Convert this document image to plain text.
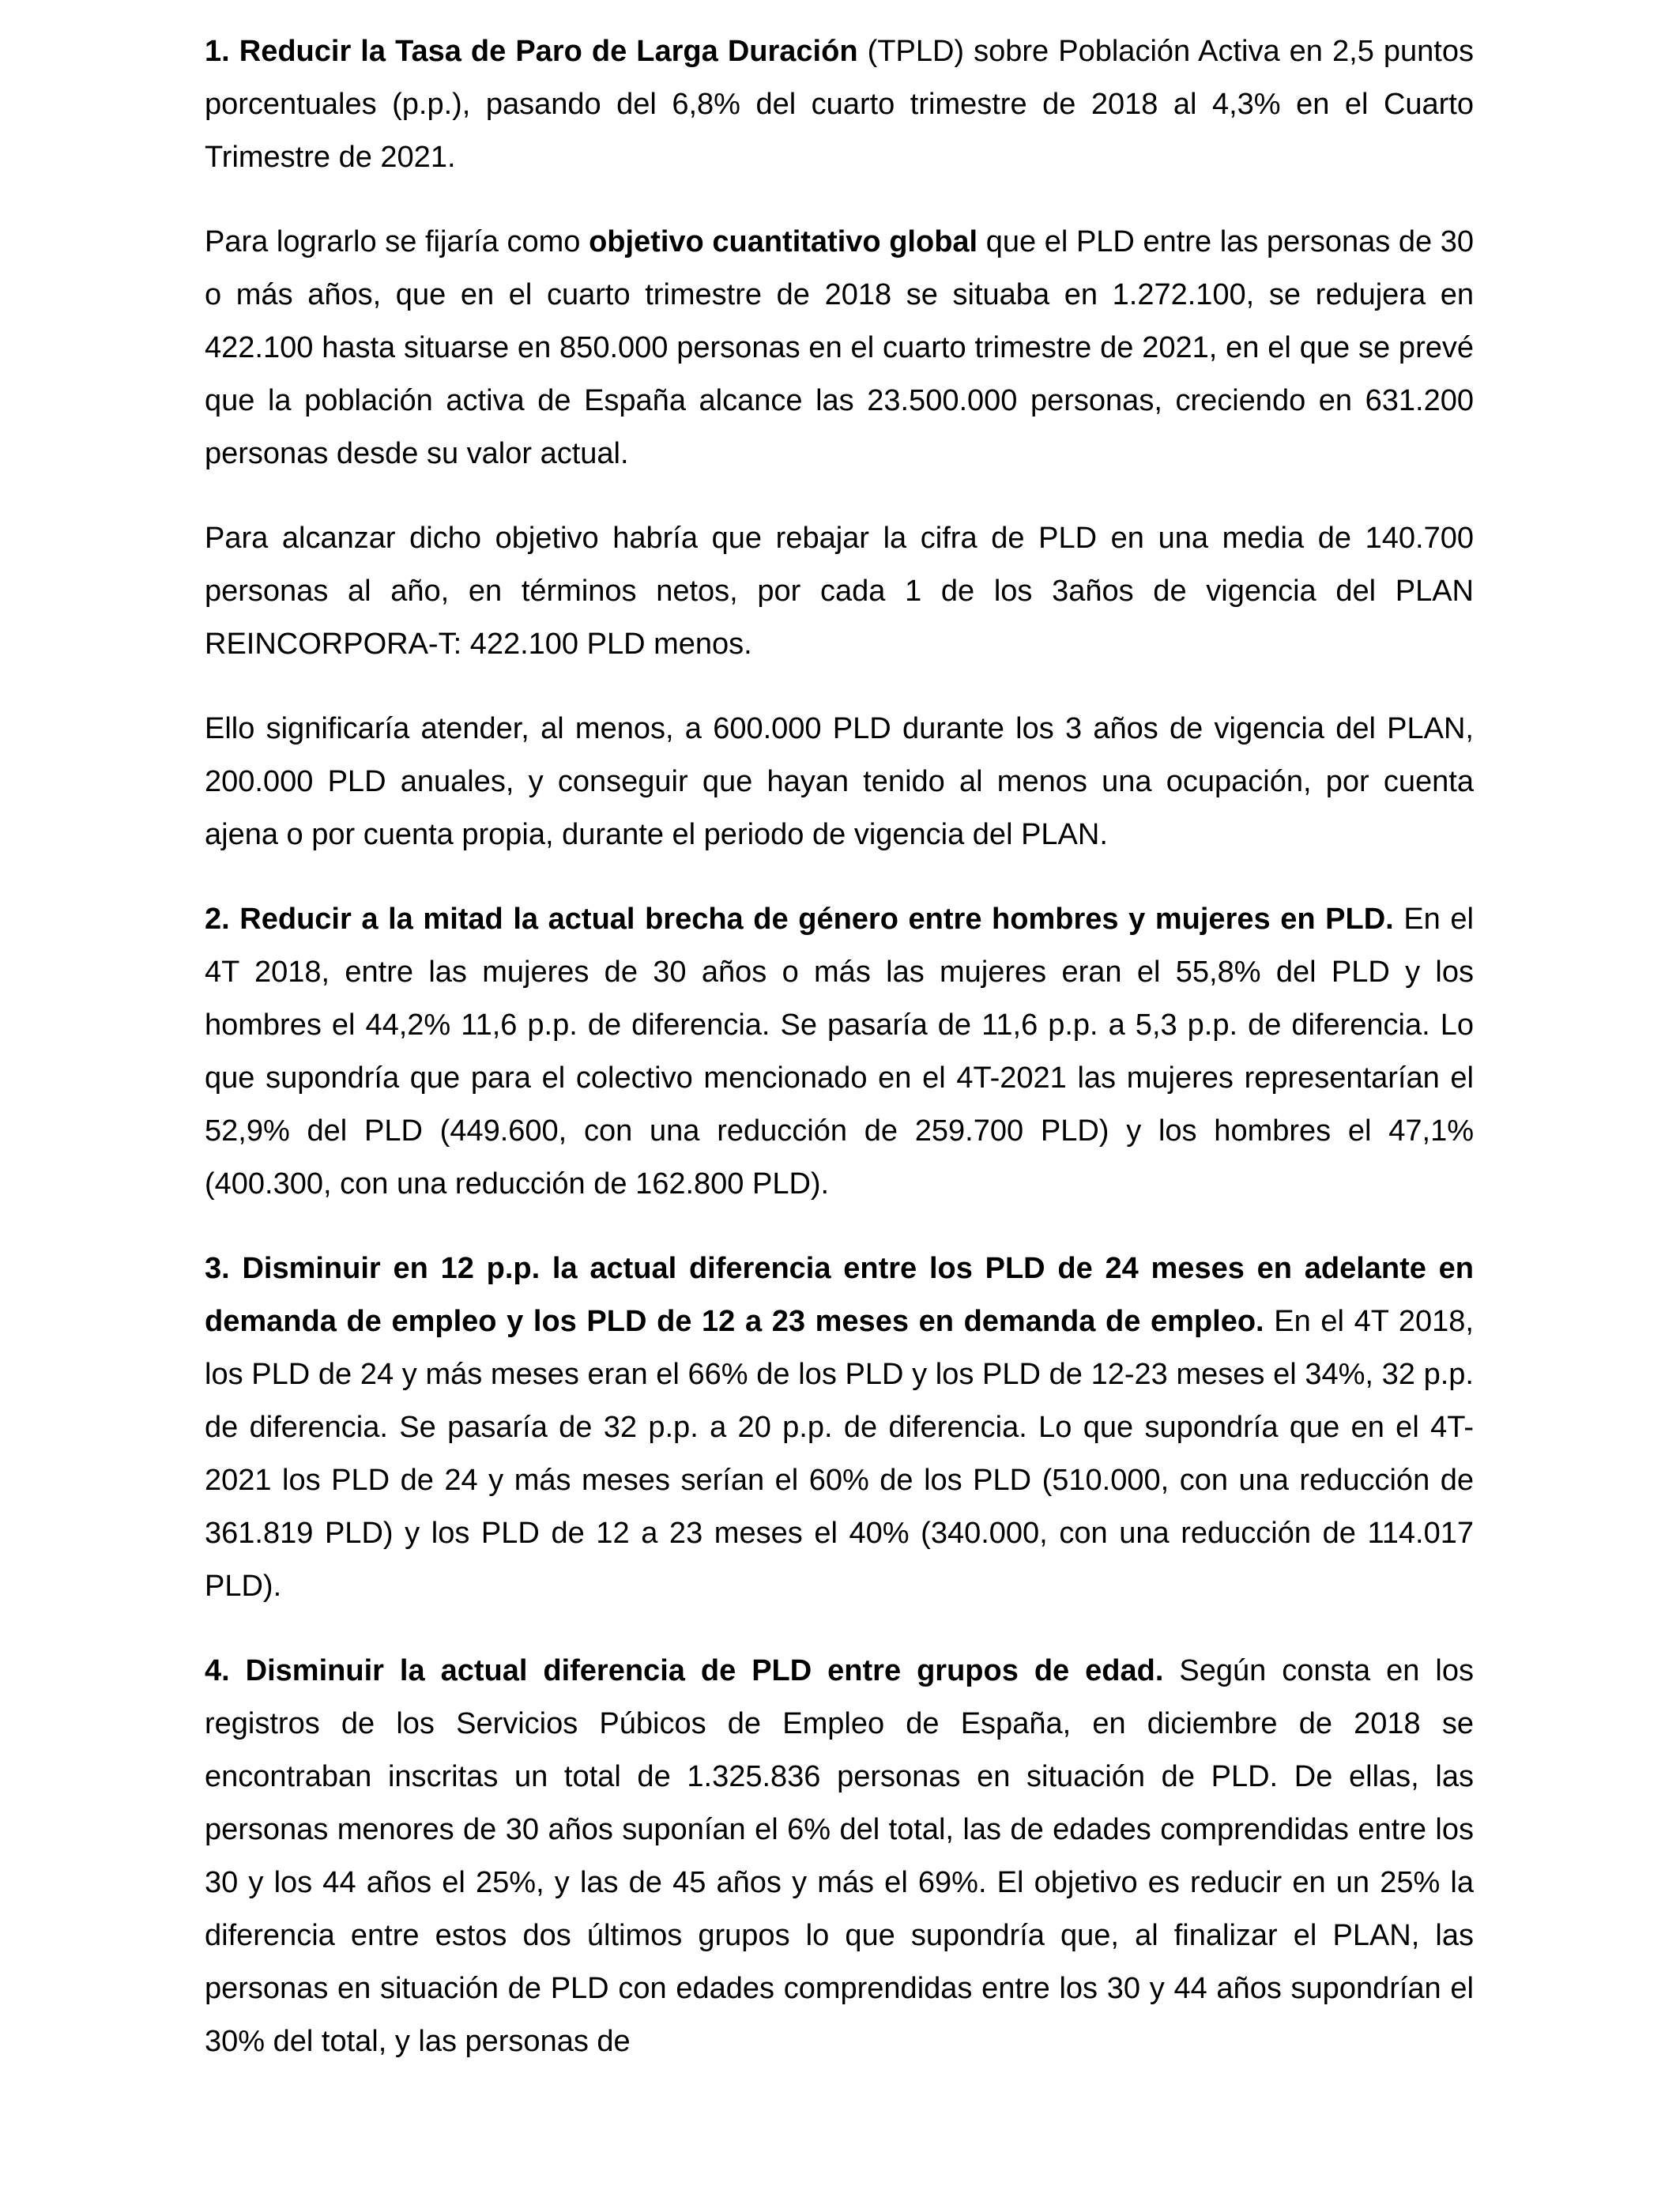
1. Reducir la Tasa de Paro de Larga Duración (TPLD) sobre Población Activa en 2,5 puntos porcentuales (p.p.), pasando del 6,8% del cuarto trimestre de 2018 al 4,3% en el Cuarto Trimestre de 2021.

Para lograrlo se fijaría como objetivo cuantitativo global que el PLD entre las personas de 30 o más años, que en el cuarto trimestre de 2018 se situaba en 1.272.100, se redujera en 422.100 hasta situarse en 850.000 personas en el cuarto trimestre de 2021, en el que se prevé que la población activa de España alcance las 23.500.000 personas, creciendo en 631.200 personas desde su valor actual.

Para alcanzar dicho objetivo habría que rebajar la cifra de PLD en una media de 140.700 personas al año, en términos netos, por cada 1 de los 3años de vigencia del PLAN REINCORPORA-T: 422.100 PLD menos.

Ello significaría atender, al menos, a 600.000 PLD durante los 3 años de vigencia del PLAN, 200.000 PLD anuales, y conseguir que hayan tenido al menos una ocupación, por cuenta ajena o por cuenta propia, durante el periodo de vigencia del PLAN.

2. Reducir a la mitad la actual brecha de género entre hombres y mujeres en PLD. En el 4T 2018, entre las mujeres de 30 años o más las mujeres eran el 55,8% del PLD y los hombres el 44,2% 11,6 p.p. de diferencia. Se pasaría de 11,6 p.p. a 5,3 p.p. de diferencia. Lo que supondría que para el colectivo mencionado en el 4T-2021 las mujeres representarían el 52,9% del PLD (449.600, con una reducción de 259.700 PLD) y los hombres el 47,1% (400.300, con una reducción de 162.800 PLD).

3. Disminuir en 12 p.p. la actual diferencia entre los PLD de 24 meses en adelante en demanda de empleo y los PLD de 12 a 23 meses en demanda de empleo. En el 4T 2018, los PLD de 24 y más meses eran el 66% de los PLD y los PLD de 12-23 meses el 34%, 32 p.p. de diferencia. Se pasaría de 32 p.p. a 20 p.p. de diferencia. Lo que supondría que en el 4T-2021 los PLD de 24 y más meses serían el 60% de los PLD (510.000, con una reducción de 361.819 PLD) y los PLD de 12 a 23 meses el 40% (340.000, con una reducción de 114.017 PLD).

4. Disminuir la actual diferencia de PLD entre grupos de edad. Según consta en los registros de los Servicios Púbicos de Empleo de España, en diciembre de 2018 se encontraban inscritas un total de 1.325.836 personas en situación de PLD. De ellas, las personas menores de 30 años suponían el 6% del total, las de edades comprendidas entre los 30 y los 44 años el 25%, y las de 45 años y más el 69%. El objetivo es reducir en un 25% la diferencia entre estos dos últimos grupos lo que supondría que, al finalizar el PLAN, las personas en situación de PLD con edades comprendidas entre los 30 y 44 años supondrían el 30% del total, y las personas de
